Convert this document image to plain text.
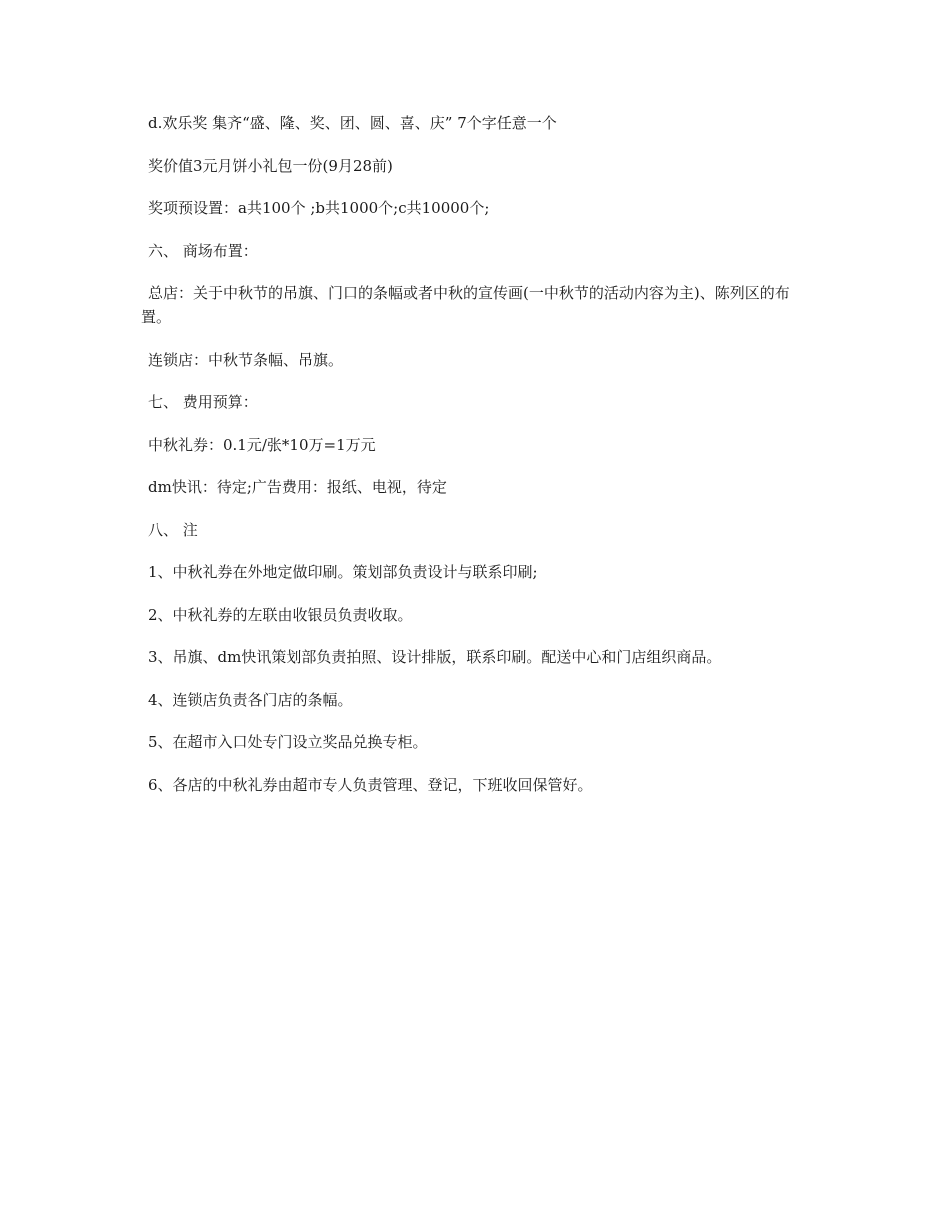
d.欢乐奖 集齐“盛、隆、奖、团、圆、喜、庆” 7个字任意一个

奖价值3元月饼小礼包一份(9月28前)

奖项预设置：a共100个 ;b共1000个;c共10000个;

六、 商场布置：

总店：关于中秋节的吊旗、门口的条幅或者中秋的宣传画(一中秋节的活动内容为主)、陈列区的布置。

连锁店：中秋节条幅、吊旗。

七、 费用预算：

中秋礼券：0.1元/张*10万=1万元

dm快讯：待定;广告费用：报纸、电视，待定

八、 注

1、中秋礼券在外地定做印刷。策划部负责设计与联系印刷;

2、中秋礼券的左联由收银员负责收取。

3、吊旗、dm快讯策划部负责拍照、设计排版，联系印刷。配送中心和门店组织商品。

4、连锁店负责各门店的条幅。

5、在超市入口处专门设立奖品兑换专柜。

6、各店的中秋礼券由超市专人负责管理、登记，下班收回保管好。
